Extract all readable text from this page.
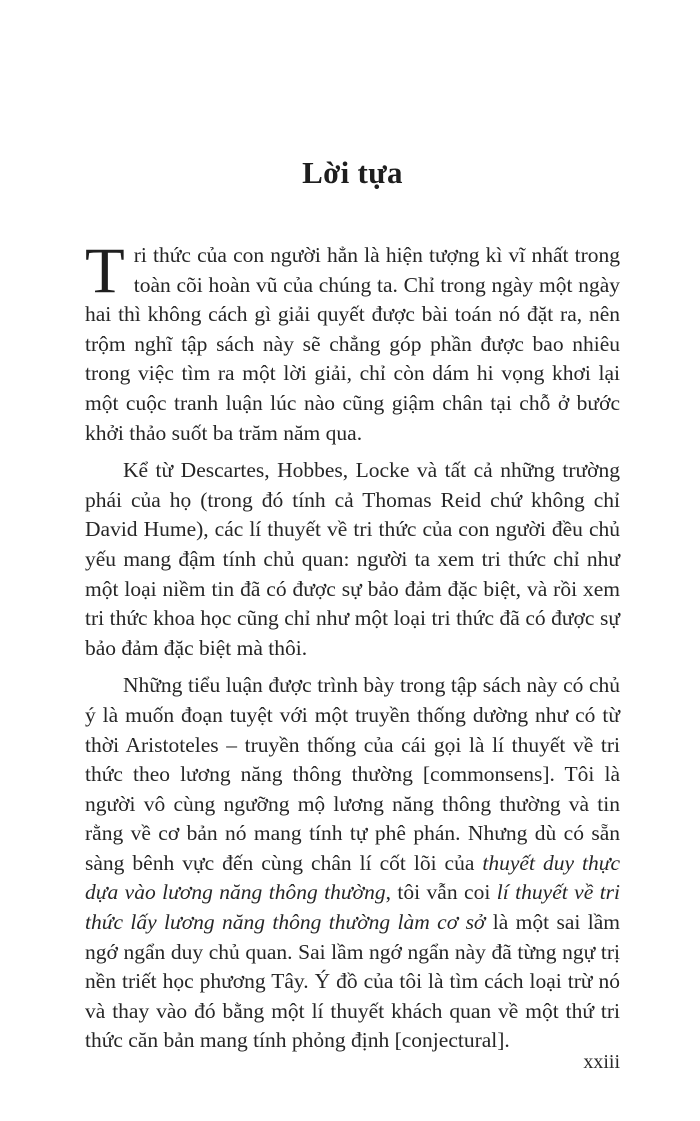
Lời tựa

Tri thức của con người hẳn là hiện tượng kì vĩ nhất trong toàn cõi hoàn vũ của chúng ta. Chỉ trong ngày một ngày hai thì không cách gì giải quyết được bài toán nó đặt ra, nên trộm nghĩ tập sách này sẽ chẳng góp phần được bao nhiêu trong việc tìm ra một lời giải, chỉ còn dám hi vọng khơi lại một cuộc tranh luận lúc nào cũng giậm chân tại chỗ ở bước khởi thảo suốt ba trăm năm qua.

Kể từ Descartes, Hobbes, Locke và tất cả những trường phái của họ (trong đó tính cả Thomas Reid chứ không chỉ David Hume), các lí thuyết về tri thức của con người đều chủ yếu mang đậm tính chủ quan: người ta xem tri thức chỉ như một loại niềm tin đã có được sự bảo đảm đặc biệt, và rồi xem tri thức khoa học cũng chỉ như một loại tri thức đã có được sự bảo đảm đặc biệt mà thôi.

Những tiểu luận được trình bày trong tập sách này có chủ ý là muốn đoạn tuyệt với một truyền thống dường như có từ thời Aristoteles – truyền thống của cái gọi là lí thuyết về tri thức theo lương năng thông thường [commonsens]. Tôi là người vô cùng ngưỡng mộ lương năng thông thường và tin rằng về cơ bản nó mang tính tự phê phán. Nhưng dù có sẵn sàng bênh vực đến cùng chân lí cốt lõi của thuyết duy thực dựa vào lương năng thông thường, tôi vẫn coi lí thuyết về tri thức lấy lương năng thông thường làm cơ sở là một sai lầm ngớ ngẩn duy chủ quan. Sai lầm ngớ ngẩn này đã từng ngự trị nền triết học phương Tây. Ý đồ của tôi là tìm cách loại trừ nó và thay vào đó bằng một lí thuyết khách quan về một thứ tri thức căn bản mang tính phỏng định [conjectural].

xxiii
